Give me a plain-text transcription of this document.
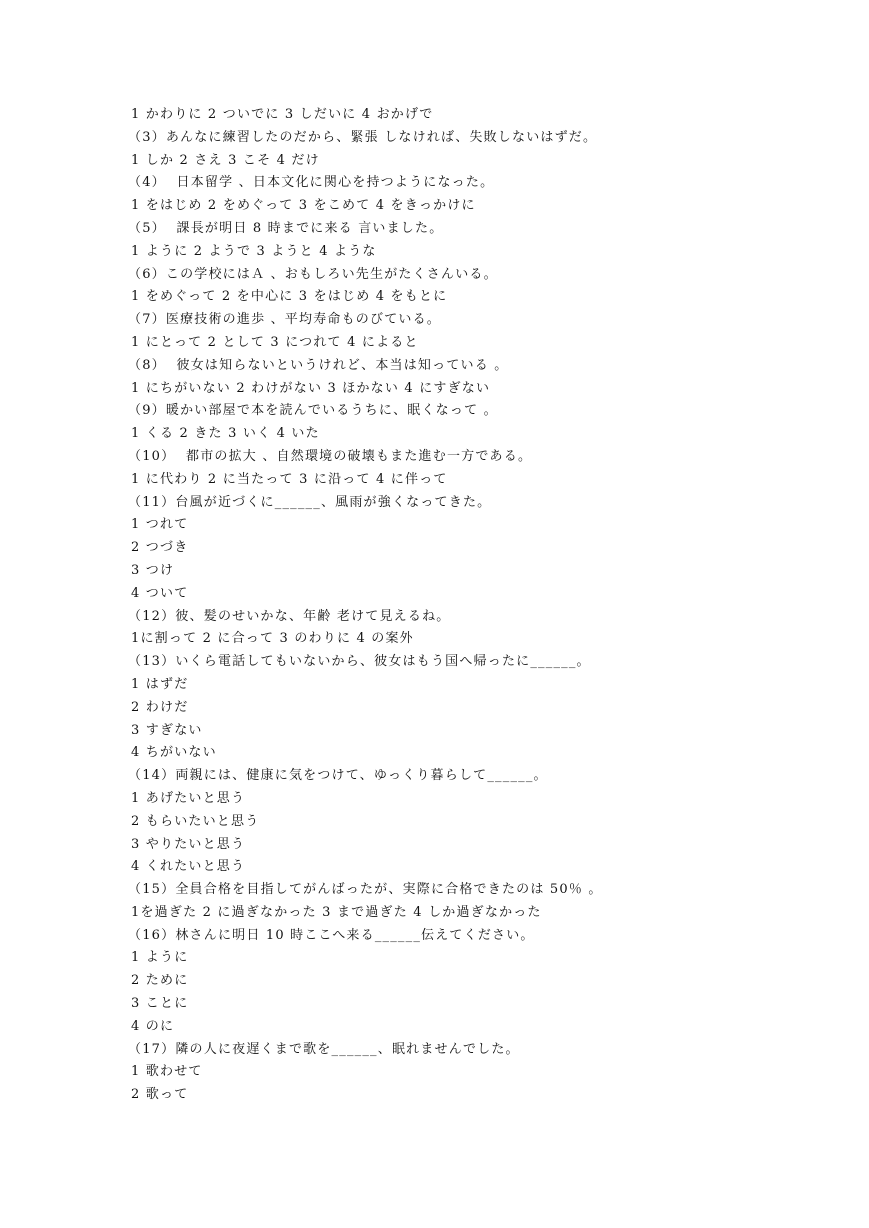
1 かわりに 2 ついでに 3 しだいに 4 おかげで
（3）あんなに練習したのだから、緊張 しなければ、失敗しないはずだ。
1 しか 2 さえ 3 こそ 4 だけ
（4）  日本留学 、日本文化に関心を持つようになった。
1 をはじめ 2 をめぐって 3 をこめて 4 をきっかけに
（5）  課長が明日 8 時までに来る 言いました。
1 ように 2 ようで 3 ようと 4 ような
（6）この学校にはＡ 、おもしろい先生がたくさんいる。
1 をめぐって 2 を中心に 3 をはじめ 4 をもとに
（7）医療技術の進歩 、平均寿命ものびている。
1 にとって 2 として 3 につれて 4 によると
（8）  彼女は知らないというけれど、本当は知っている 。
1 にちがいない 2 わけがない 3 ほかない 4 にすぎない
（9）暖かい部屋で本を読んでいるうちに、眠くなって 。
1 くる 2 きた 3 いく 4 いた
（10）  都市の拡大 、自然環境の破壊もまた進む一方である。
1 に代わり 2 に当たって 3 に沿って 4 に伴って
（11）台風が近づくに______、風雨が強くなってきた。
1 つれて
2 つづき
3 つけ
4 ついて
（12）彼、髪のせいかな、年齢 老けて見えるね。
1に割って 2 に合って 3 のわりに 4 の案外
（13）いくら電話してもいないから、彼女はもう国へ帰ったに______。
1 はずだ
2 わけだ
3 すぎない
4 ちがいない
（14）両親には、健康に気をつけて、ゆっくり暮らして______。
1 あげたいと思う
2 もらいたいと思う
3 やりたいと思う
4 くれたいと思う
（15）全員合格を目指してがんばったが、実際に合格できたのは 50％ 。
1を過ぎた 2 に過ぎなかった 3 まで過ぎた 4 しか過ぎなかった
（16）林さんに明日 10 時ここへ来る______伝えてください。
1 ように
2 ために
3 ことに
4 のに
（17）隣の人に夜遅くまで歌を______、眠れませんでした。
1 歌わせて
2 歌って
